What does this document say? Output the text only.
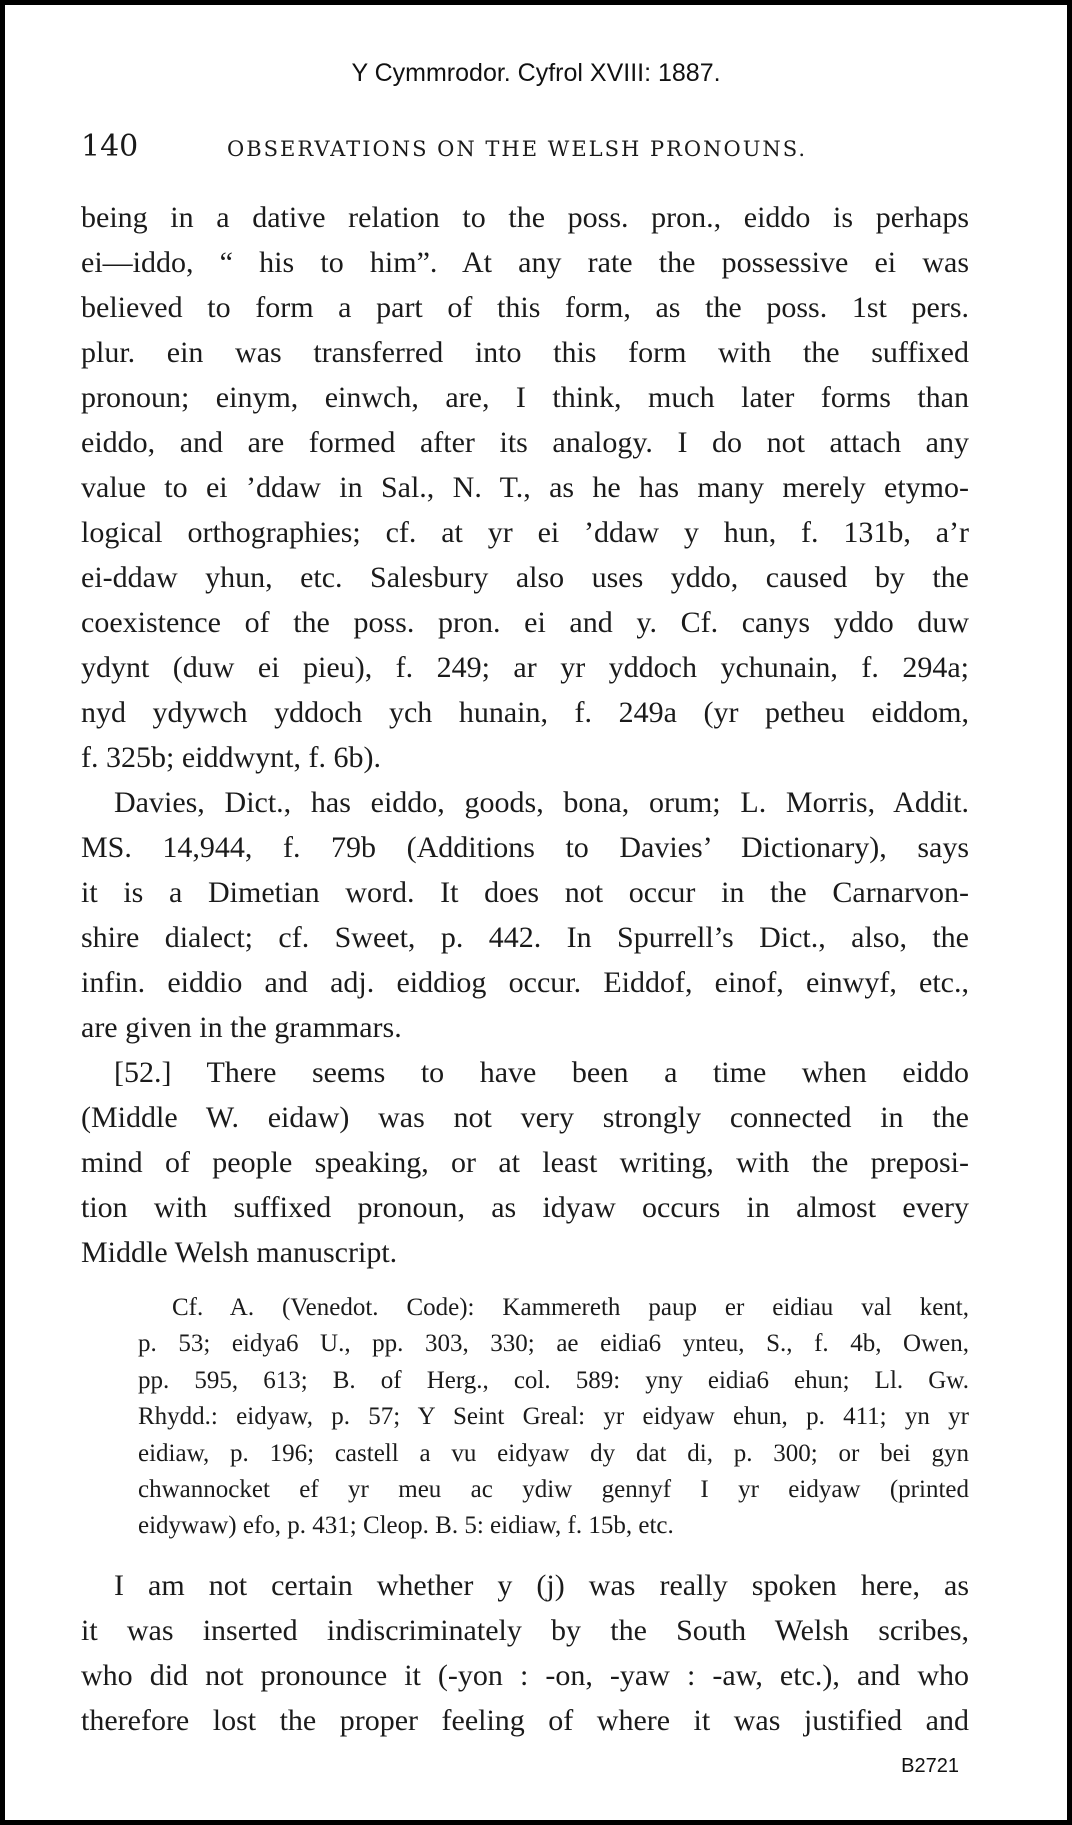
Y Cymmrodor. Cyfrol XVIII: 1887.
140	OBSERVATIONS ON THE WELSH PRONOUNS.
being in a dative relation to the poss. pron., eiddo is perhaps
ei—iddo, “ his to him”. At any rate the possessive ei was
believed to form a part of this form, as the poss. 1st pers.
plur. ein was transferred into this form with the suffixed
pronoun; einym, einwch, are, I think, much later forms than
eiddo, and are formed after its analogy. I do not attach any
value to ei ’ddaw in Sal., N. T., as he has many merely etymo-
logical orthographies; cf. at yr ei ’ddaw y hun, f. 131b, a’r
ei-ddaw yhun, etc. Salesbury also uses yddo, caused by the
coexistence of the poss. pron. ei and y. Cf. canys yddo duw
ydynt (duw ei pieu), f. 249; ar yr yddoch ychunain, f. 294a;
nyd ydywch yddoch ych hunain, f. 249a (yr petheu eiddom,
f. 325b; eiddwynt, f. 6b).
Davies, Dict., has eiddo, goods, bona, orum; L. Morris, Addit.
MS. 14,944, f. 79b (Additions to Davies’ Dictionary), says
it is a Dimetian word. It does not occur in the Carnarvon-
shire dialect; cf. Sweet, p. 442. In Spurrell’s Dict., also, the
infin. eiddio and adj. eiddiog occur. Eiddof, einof, einwyf, etc.,
are given in the grammars.
[52.] There seems to have been a time when eiddo
(Middle W. eidaw) was not very strongly connected in the
mind of people speaking, or at least writing, with the preposi-
tion with suffixed pronoun, as idyaw occurs in almost every
Middle Welsh manuscript.
Cf. A. (Venedot. Code): Kammereth paup er eidiau val kent,
p. 53; eidya6 U., pp. 303, 330; ae eidia6 ynteu, S., f. 4b, Owen,
pp. 595, 613; B. of Herg., col. 589: yny eidia6 ehun; Ll. Gw.
Rhydd.: eidyaw, p. 57; Y Seint Greal: yr eidyaw ehun, p. 411; yn yr
eidiaw, p. 196; castell a vu eidyaw dy dat di, p. 300; or bei gyn
chwannocket ef yr meu ac ydiw gennyf I yr eidyaw (printed
eidywaw) efo, p. 431; Cleop. B. 5: eidiaw, f. 15b, etc.
I am not certain whether y (j) was really spoken here, as
it was inserted indiscriminately by the South Welsh scribes,
who did not pronounce it (-yon : -on, -yaw : -aw, etc.), and who
therefore lost the proper feeling of where it was justified and
B2721
